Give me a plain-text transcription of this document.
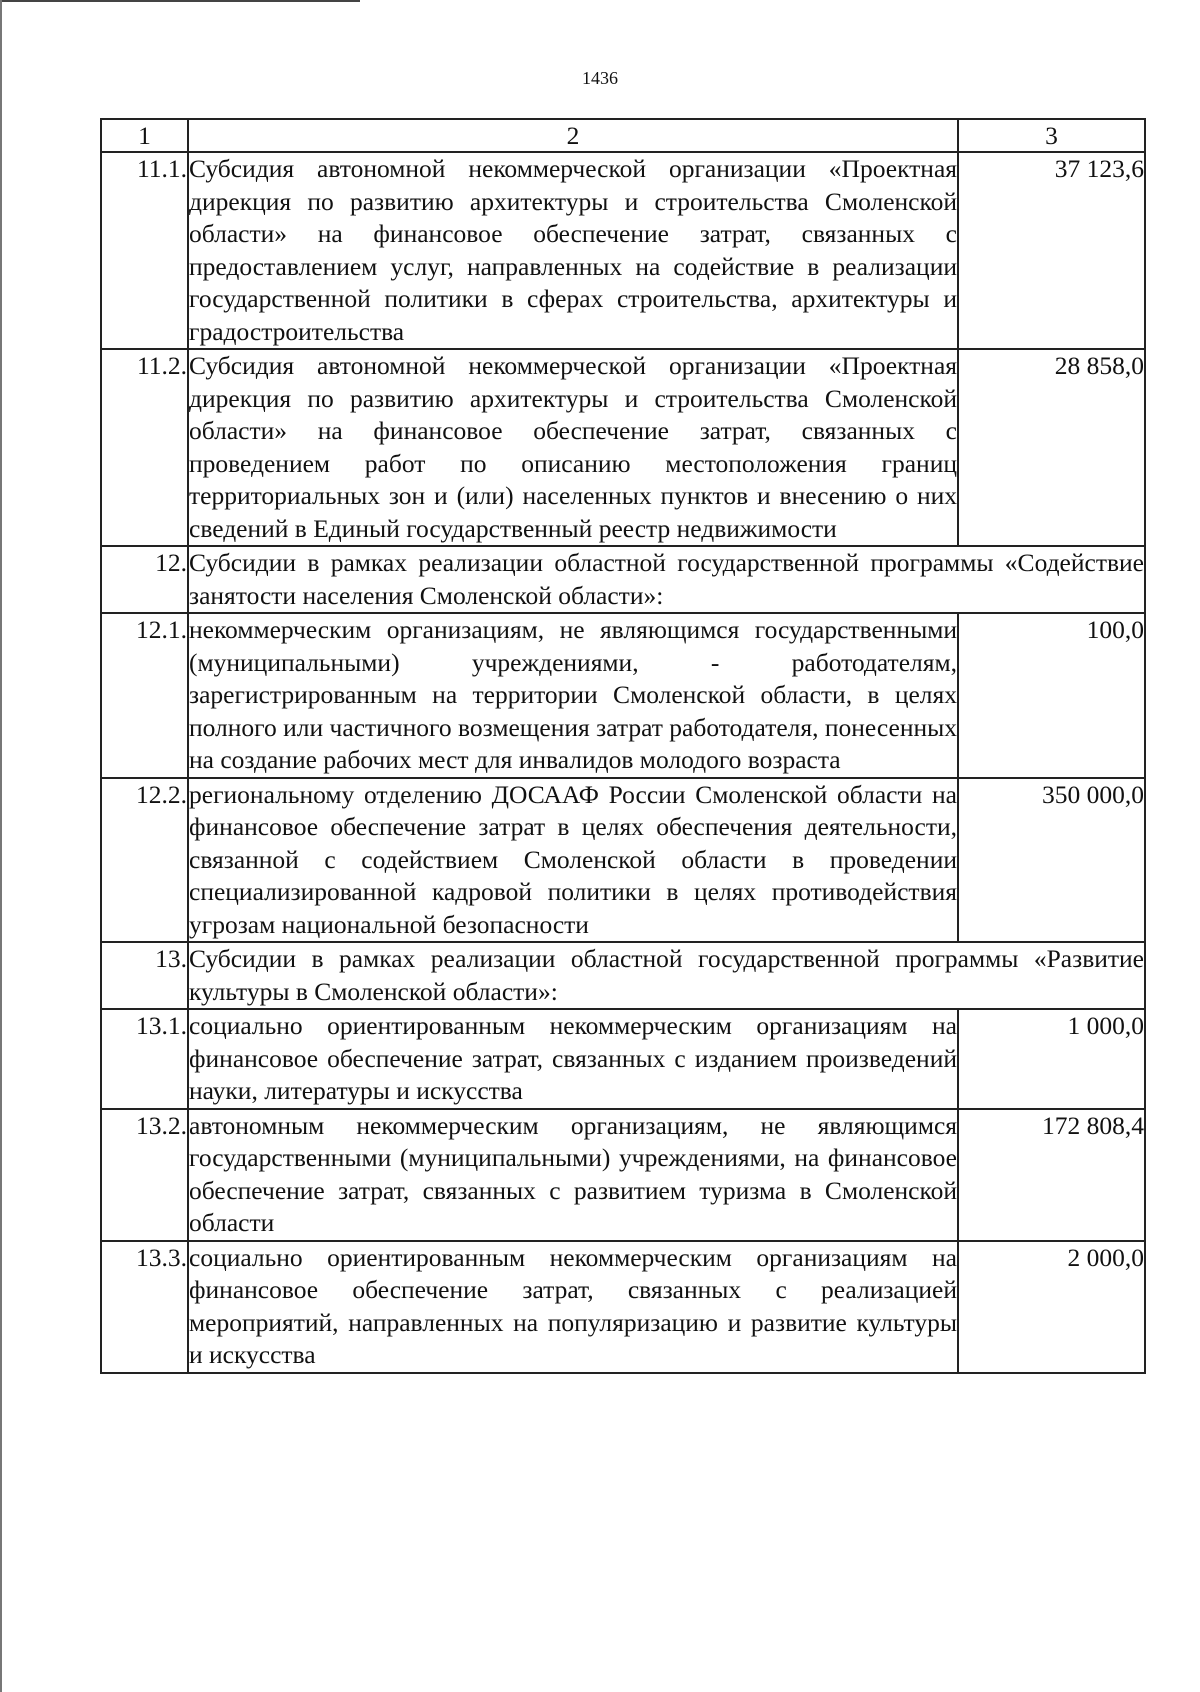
1436
1	2	3
11.1.	Субсидия автономной некоммерческой организации «Проектная дирекция по развитию архитектуры и строительства Смоленской области» на финансовое обеспечение затрат, связанных с предоставлением услуг, направленных на содействие в реализации государственной политики в сферах строительства, архитектуры и градостроительства	37 123,6
11.2.	Субсидия автономной некоммерческой организации «Проектная дирекция по развитию архитектуры и строительства Смоленской области» на финансовое обеспечение затрат, связанных с проведением работ по описанию местоположения границ территориальных зон и (или) населенных пунктов и внесению о них сведений в Единый государственный реестр недвижимости	28 858,0
12.	Субсидии в рамках реализации областной государственной программы «Содействие занятости населения Смоленской области»:	
12.1.	некоммерческим организациям, не являющимся государственными (муниципальными) учреждениями, - работодателям, зарегистрированным на территории Смоленской области, в целях полного или частичного возмещения затрат работодателя, понесенных на создание рабочих мест для инвалидов молодого возраста	100,0
12.2.	региональному отделению ДОСААФ России Смоленской области на финансовое обеспечение затрат в целях обеспечения деятельности, связанной с содействием Смоленской области в проведении специализированной кадровой политики в целях противодействия угрозам национальной безопасности	350 000,0
13.	Субсидии в рамках реализации областной государственной программы «Развитие культуры в Смоленской области»:	
13.1.	социально ориентированным некоммерческим организациям на финансовое обеспечение затрат, связанных с изданием произведений науки, литературы и искусства	1 000,0
13.2.	автономным некоммерческим организациям, не являющимся государственными (муниципальными) учреждениями, на финансовое обеспечение затрат, связанных с развитием туризма в Смоленской области	172 808,4
13.3.	социально ориентированным некоммерческим организациям на финансовое обеспечение затрат, связанных с реализацией мероприятий, направленных на популяризацию и развитие культуры и искусства	2 000,0
